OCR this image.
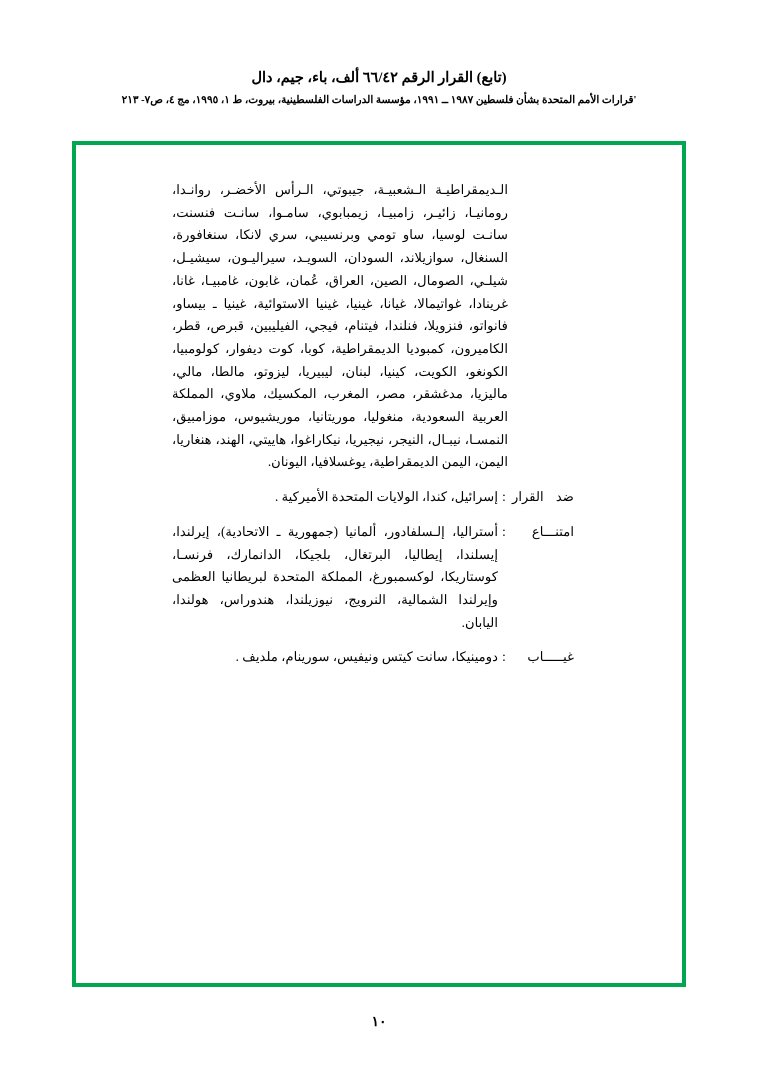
(تابع) القرار الرقم ٦٦/٤٢ ألف، باء، جيم، دال
'قرارات الأمم المتحدة بشأن فلسطين ١٩٨٧ ــ ١٩٩١، مؤسسة الدراسات الفلسطينية، بيروت، ط ١، ١٩٩٥، مج ٤، ص٧- ٢١٣

الـديمقراطيـة الـشعبيـة، جيبوتي، الـرأس الأخضـر، روانـدا، رومانيـا، زائيـر، زامبيـا، زيمبابوي، سامـوا، سانـت فنسنت، سانـت لوسيا، ساو تومي وبرنسيبي، سري لانكا، سنغافورة، السنغال، سوازيلاند، السودان، السويـد، سيراليـون، سيشيـل، شيلـي، الصومال، الصين، العراق، عُمان، غابون، غامبيـا، غانا، غرينادا، غواتيمالا، غيانا، غينيا، غينيا الاستوائية، غينيا ـ بيساو، فانواتو، فنزويلا، فنلندا، فيتنام، فيجي، الفيليبين، قبرص، قطر، الكاميرون، كمبوديا الديمقراطية، كوبا، كوت ديفوار، كولومبيا، الكونغو، الكويت، كينيا، لبنان، ليبيريا، ليزوتو، مالطا، مالي، ماليزيا، مدغشقر، مصر، المغرب، المكسيك، ملاوي، المملكة العربية السعودية، منغوليا، موريتانيا، موريشيوس، موزامبيق، النمسـا، نيبـال، النيجر، نيجيريا، نيكاراغوا، هاييتي، الهند، هنغاريا، اليمن، اليمن الديمقراطية، يوغسلافيا، اليونان.

ضد القرار
:
إسرائيل، كندا، الولايات المتحدة الأميركية .
امتنـــاع
:
أستراليا، إلـسلفادور، ألمانيا (جمهورية ـ الاتحادية)، إيرلندا، إيسلندا، إيطاليا، البرتغال، بلجيكا، الدانمارك، فرنسـا، كوستاريكا، لوكسمبورغ، المملكة المتحدة لبريطانيا العظمى وإيرلندا الشمالية، النرويج، نيوزيلندا، هندوراس، هولندا، اليابان.
غيـــــاب
:
دومينيكا، سانت كيتس ونيفيس، سورينام، ملديف .
١٠
